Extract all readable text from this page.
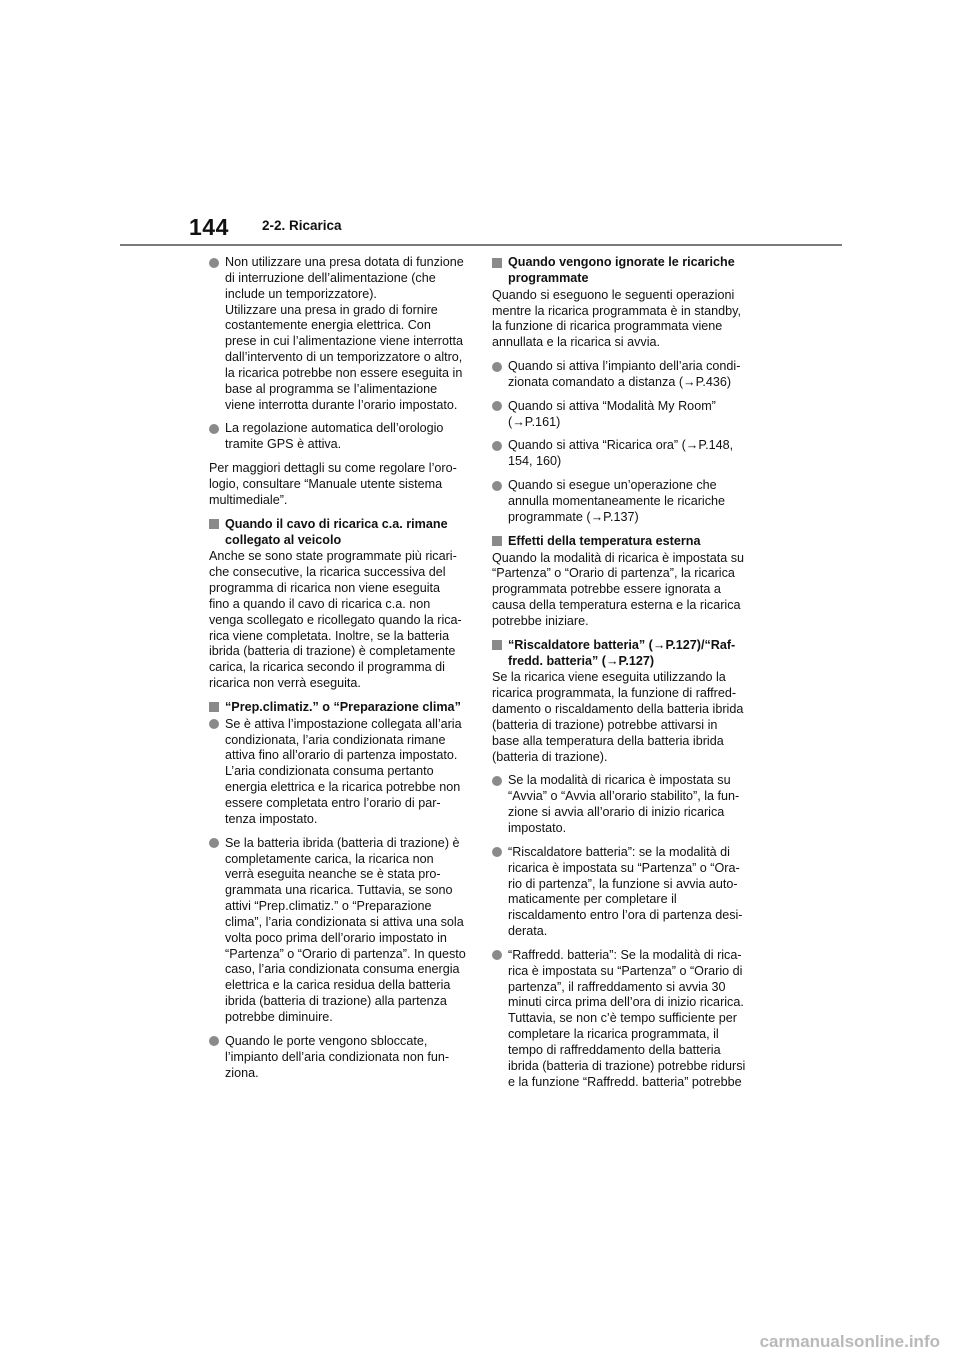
144 2-2. Ricarica
Non utilizzare una presa dotata di funzione
di interruzione dell’alimentazione (che
include un temporizzatore).
Utilizzare una presa in grado di fornire
costantemente energia elettrica. Con
prese in cui l’alimentazione viene interrotta
dall’intervento di un temporizzatore o altro,
la ricarica potrebbe non essere eseguita in
base al programma se l’alimentazione
viene interrotta durante l’orario impostato.
La regolazione automatica dell’orologio
tramite GPS è attiva.
Per maggiori dettagli su come regolare l’oro-
logio, consultare “Manuale utente sistema
multimediale”.
Quando il cavo di ricarica c.a. rimane
collegato al veicolo
Anche se sono state programmate più ricari-
che consecutive, la ricarica successiva del
programma di ricarica non viene eseguita
fino a quando il cavo di ricarica c.a. non
venga scollegato e ricollegato quando la rica-
rica viene completata. Inoltre, se la batteria
ibrida (batteria di trazione) è completamente
carica, la ricarica secondo il programma di
ricarica non verrà eseguita.
“Prep.climatiz.” o “Preparazione clima”
Se è attiva l’impostazione collegata all’aria
condizionata, l’aria condizionata rimane
attiva fino all’orario di partenza impostato.
L’aria condizionata consuma pertanto
energia elettrica e la ricarica potrebbe non
essere completata entro l’orario di par-
tenza impostato.
Se la batteria ibrida (batteria di trazione) è
completamente carica, la ricarica non
verrà eseguita neanche se è stata pro-
grammata una ricarica. Tuttavia, se sono
attivi “Prep.climatiz.” o “Preparazione
clima”, l’aria condizionata si attiva una sola
volta poco prima dell’orario impostato in
“Partenza” o “Orario di partenza”. In questo
caso, l’aria condizionata consuma energia
elettrica e la carica residua della batteria
ibrida (batteria di trazione) alla partenza
potrebbe diminuire.
Quando le porte vengono sbloccate,
l’impianto dell’aria condizionata non fun-
ziona.
Quando vengono ignorate le ricariche
programmate
Quando si eseguono le seguenti operazioni
mentre la ricarica programmata è in standby,
la funzione di ricarica programmata viene
annullata e la ricarica si avvia.
Quando si attiva l’impianto dell’aria condi-
zionata comandato a distanza (→P.436)
Quando si attiva “Modalità My Room”
(→P.161)
Quando si attiva “Ricarica ora” (→P.148,
154, 160)
Quando si esegue un’operazione che
annulla momentaneamente le ricariche
programmate (→P.137)
Effetti della temperatura esterna
Quando la modalità di ricarica è impostata su
“Partenza” o “Orario di partenza”, la ricarica
programmata potrebbe essere ignorata a
causa della temperatura esterna e la ricarica
potrebbe iniziare.
“Riscaldatore batteria” (→P.127)/“Raf-
fredd. batteria” (→P.127)
Se la ricarica viene eseguita utilizzando la
ricarica programmata, la funzione di raffred-
damento o riscaldamento della batteria ibrida
(batteria di trazione) potrebbe attivarsi in
base alla temperatura della batteria ibrida
(batteria di trazione).
Se la modalità di ricarica è impostata su
“Avvia” o “Avvia all’orario stabilito”, la fun-
zione si avvia all’orario di inizio ricarica
impostato.
“Riscaldatore batteria”: se la modalità di
ricarica è impostata su “Partenza” o “Ora-
rio di partenza”, la funzione si avvia auto-
maticamente per completare il
riscaldamento entro l’ora di partenza desi-
derata.
“Raffredd. batteria”: Se la modalità di rica-
rica è impostata su “Partenza” o “Orario di
partenza”, il raffreddamento si avvia 30
minuti circa prima dell’ora di inizio ricarica.
Tuttavia, se non c’è tempo sufficiente per
completare la ricarica programmata, il
tempo di raffreddamento della batteria
ibrida (batteria di trazione) potrebbe ridursi
e la funzione “Raffredd. batteria” potrebbe
carmanualsonline.info
